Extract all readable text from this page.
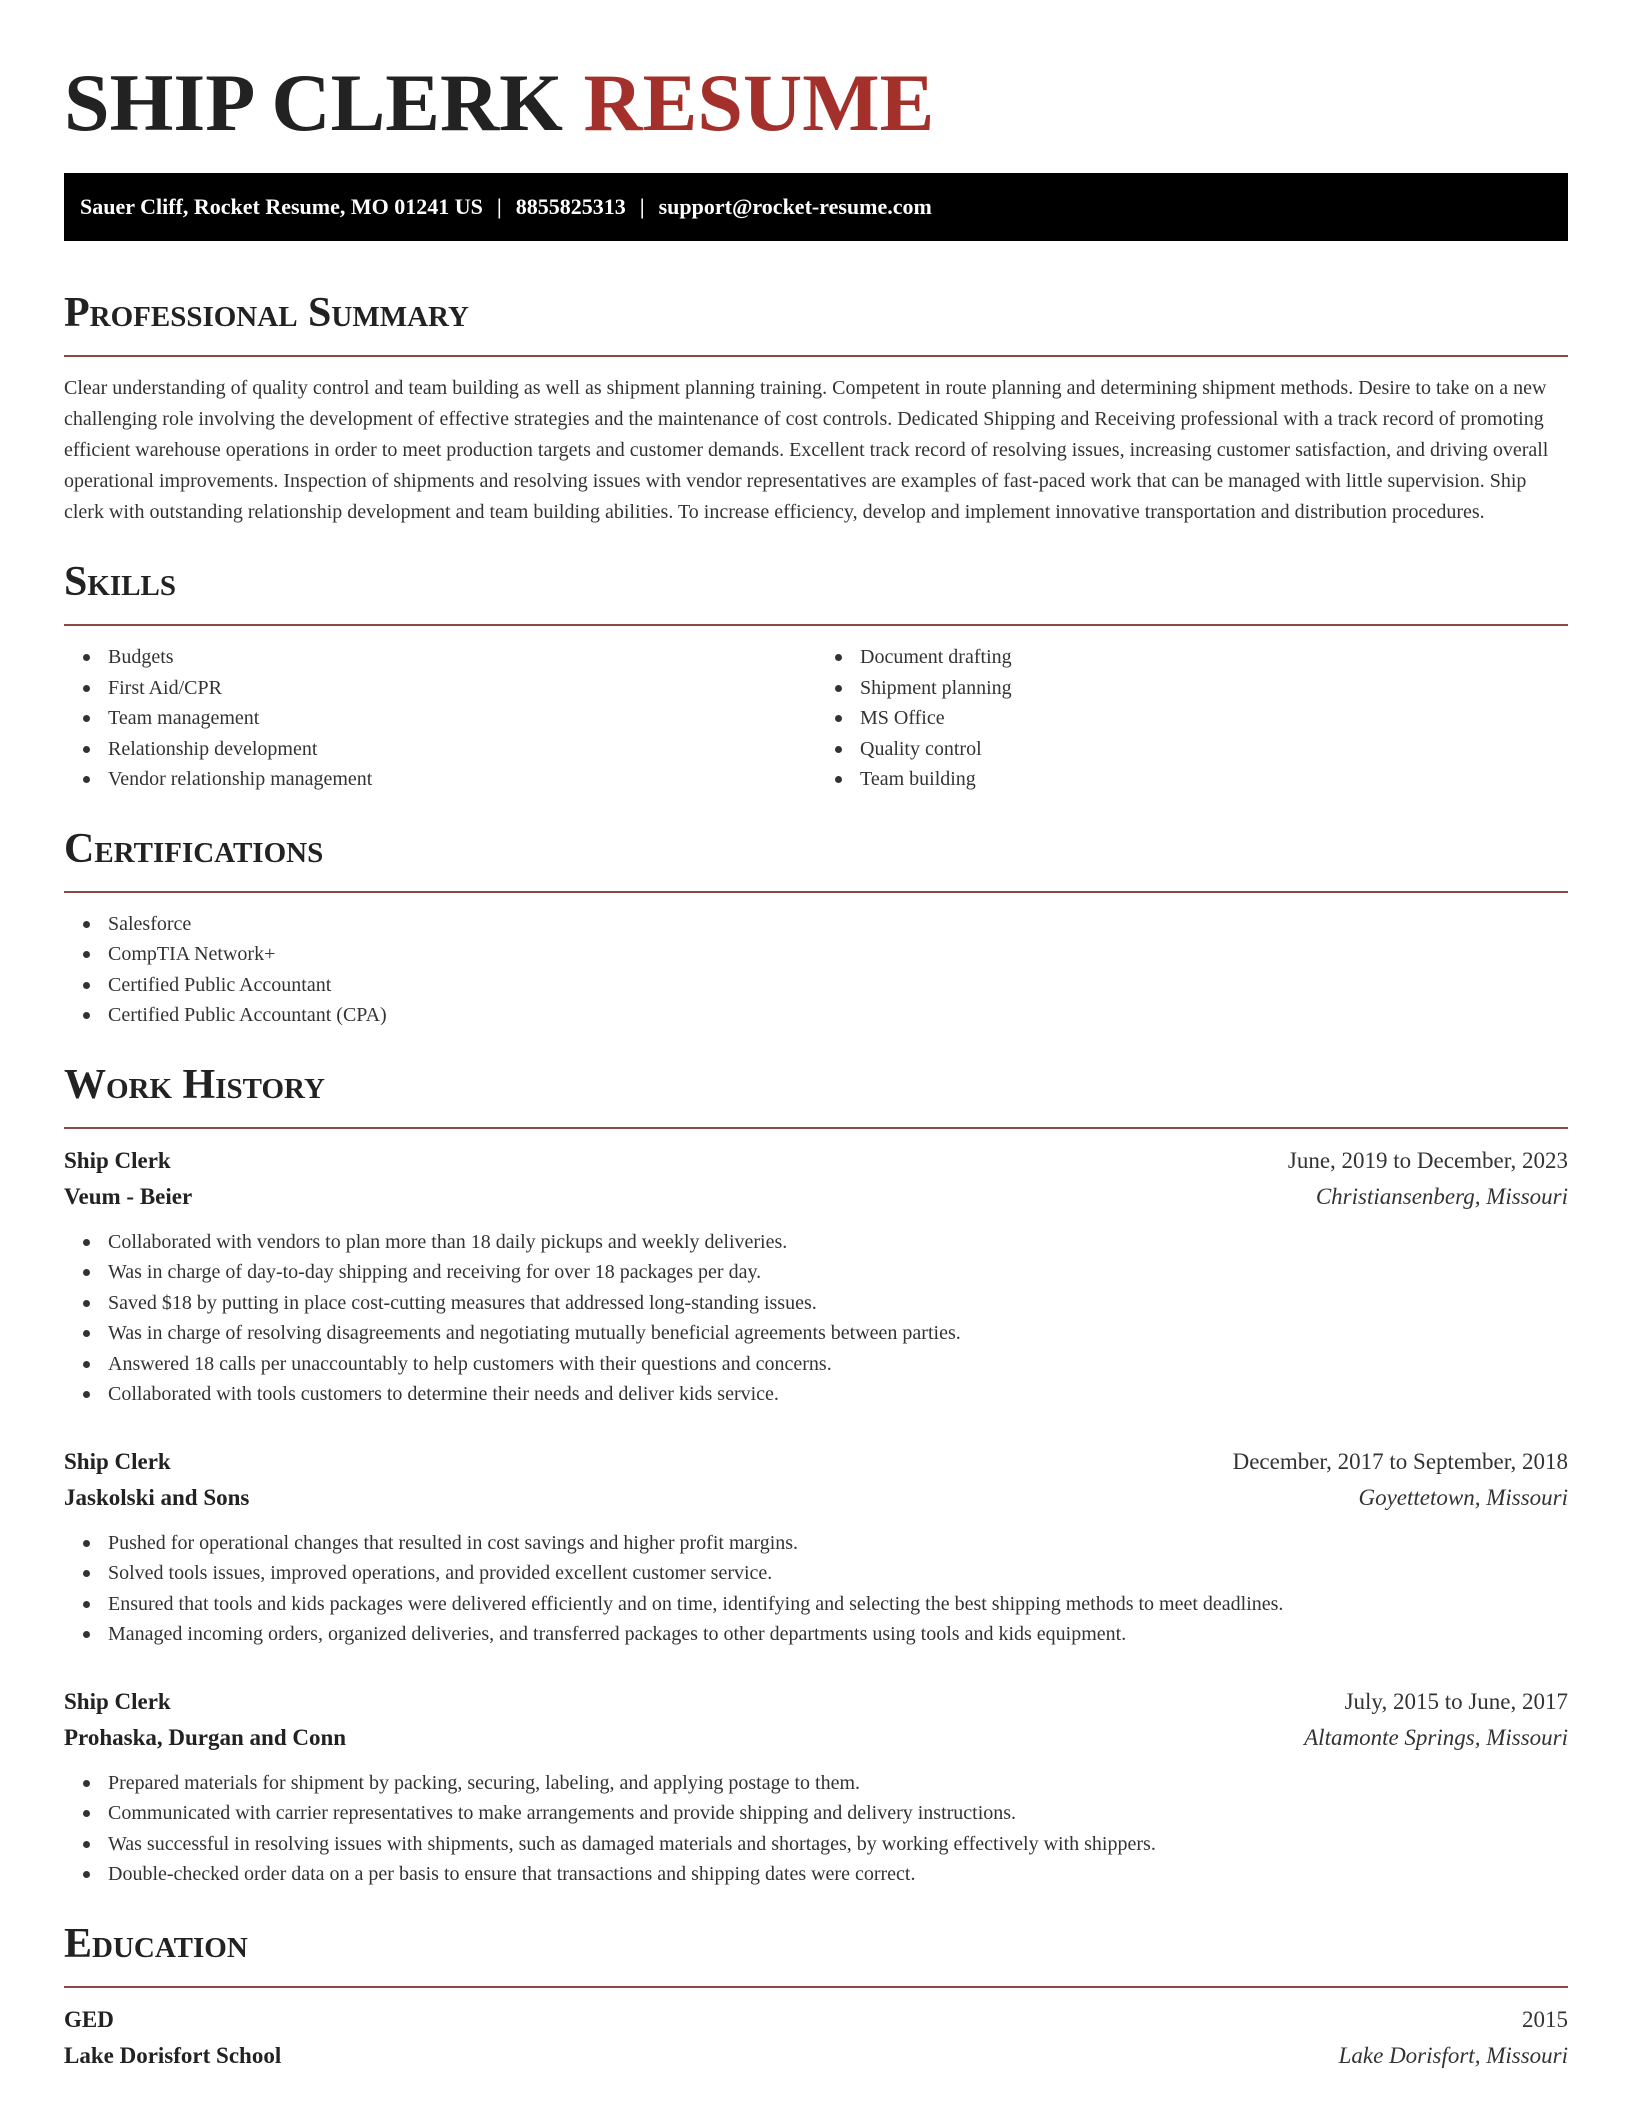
SHIP CLERK RESUME
Sauer Cliff, Rocket Resume, MO 01241 US | 8855825313 | support@rocket-resume.com
Professional Summary

Clear understanding of quality control and team building as well as shipment planning training. Competent in route planning and determining shipment methods. Desire to take on a new challenging role involving the development of effective strategies and the maintenance of cost controls. Dedicated Shipping and Receiving professional with a track record of promoting efficient warehouse operations in order to meet production targets and customer demands. Excellent track record of resolving issues, increasing customer satisfaction, and driving overall operational improvements. Inspection of shipments and resolving issues with vendor representatives are examples of fast-paced work that can be managed with little supervision. Ship clerk with outstanding relationship development and team building abilities. To increase efficiency, develop and implement innovative transportation and distribution procedures.

Skills
Budgets
First Aid/CPR
Team management
Relationship development
Vendor relationship management
Document drafting
Shipment planning
MS Office
Quality control
Team building
Certifications
Salesforce
CompTIA Network+
Certified Public Accountant
Certified Public Accountant (CPA)
Work History
Ship Clerk	June, 2019 to December, 2023
Veum - Beier	Christiansenberg, Missouri
Collaborated with vendors to plan more than 18 daily pickups and weekly deliveries.
Was in charge of day-to-day shipping and receiving for over 18 packages per day.
Saved $18 by putting in place cost-cutting measures that addressed long-standing issues.
Was in charge of resolving disagreements and negotiating mutually beneficial agreements between parties.
Answered 18 calls per unaccountably to help customers with their questions and concerns.
Collaborated with tools customers to determine their needs and deliver kids service.
Ship Clerk	December, 2017 to September, 2018
Jaskolski and Sons	Goyettetown, Missouri
Pushed for operational changes that resulted in cost savings and higher profit margins.
Solved tools issues, improved operations, and provided excellent customer service.
Ensured that tools and kids packages were delivered efficiently and on time, identifying and selecting the best shipping methods to meet deadlines.
Managed incoming orders, organized deliveries, and transferred packages to other departments using tools and kids equipment.
Ship Clerk	July, 2015 to June, 2017
Prohaska, Durgan and Conn	Altamonte Springs, Missouri
Prepared materials for shipment by packing, securing, labeling, and applying postage to them.
Communicated with carrier representatives to make arrangements and provide shipping and delivery instructions.
Was successful in resolving issues with shipments, such as damaged materials and shortages, by working effectively with shippers.
Double-checked order data on a per basis to ensure that transactions and shipping dates were correct.
Education
GED	2015
Lake Dorisfort School	Lake Dorisfort, Missouri
